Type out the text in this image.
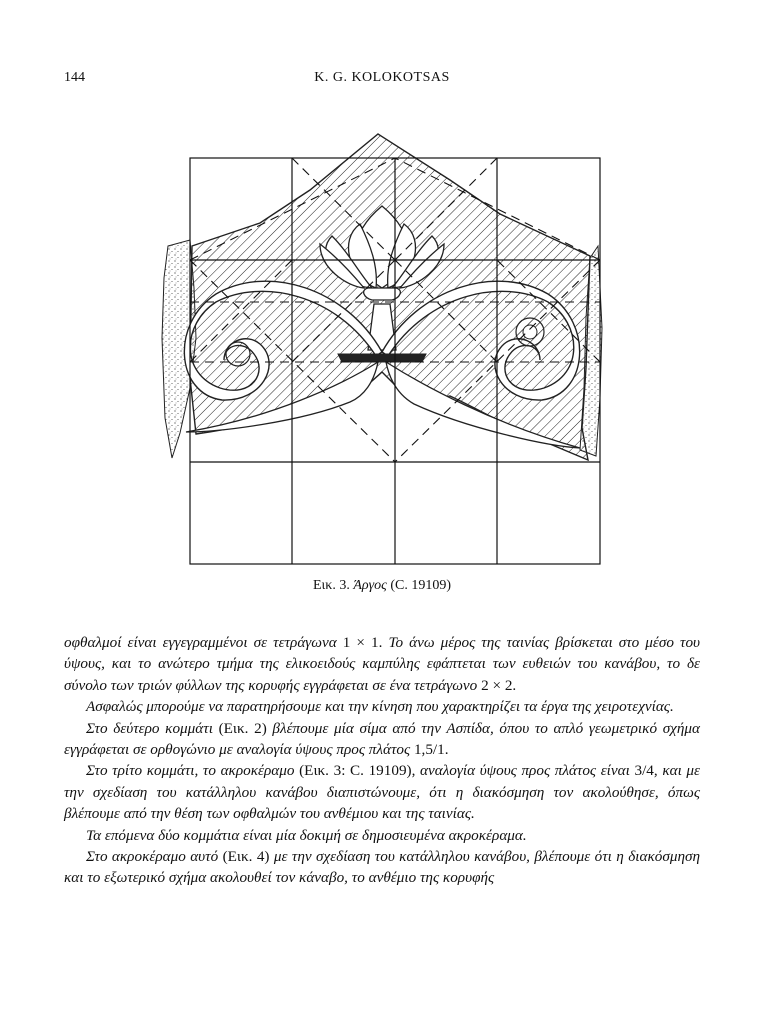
144	K. G. KOLOKOTSAS
Εικ. 3. Άργος (C. 19109)

οφθαλμοί είναι εγγεγραμμένοι σε τετράγωνα 1 × 1. Το άνω μέρος της ταινίας βρίσκεται στο μέσο του ύψους, και το ανώτερο τμήμα της ελικοειδούς καμπύλης εφάπτεται των ευθειών του κανάβου, το δε σύνολο των τριών φύλλων της κορυφής εγγράφεται σε ένα τετράγωνο 2 × 2.

Ασφαλώς μπορούμε να παρατηρήσουμε και την κίνηση που χαρακτηρίζει τα έργα της χειροτεχνίας.

Στο δεύτερο κομμάτι (Εικ. 2) βλέπουμε μία σίμα από την Ασπίδα, όπου το απλό γεωμετρικό σχήμα εγγράφεται σε ορθογώνιο με αναλογία ύψους προς πλάτος 1,5/1.

Στο τρίτο κομμάτι, το ακροκέραμο (Εικ. 3: C. 19109), αναλογία ύψους προς πλάτος είναι 3/4, και με την σχεδίαση του κατάλληλου κανάβου διαπιστώνουμε, ότι η διακόσμηση τον ακολούθησε, όπως βλέπουμε από την θέση των οφθαλμών του ανθέμιου και της ταινίας.

Τα επόμενα δύο κομμάτια είναι μία δοκιμή σε δημοσιευμένα ακροκέραμα.

Στο ακροκέραμο αυτό (Εικ. 4) με την σχεδίαση του κατάλληλου κανάβου, βλέπουμε ότι η διακόσμηση και το εξωτερικό σχήμα ακολουθεί τον κάναβο, το ανθέμιο της κορυφής
